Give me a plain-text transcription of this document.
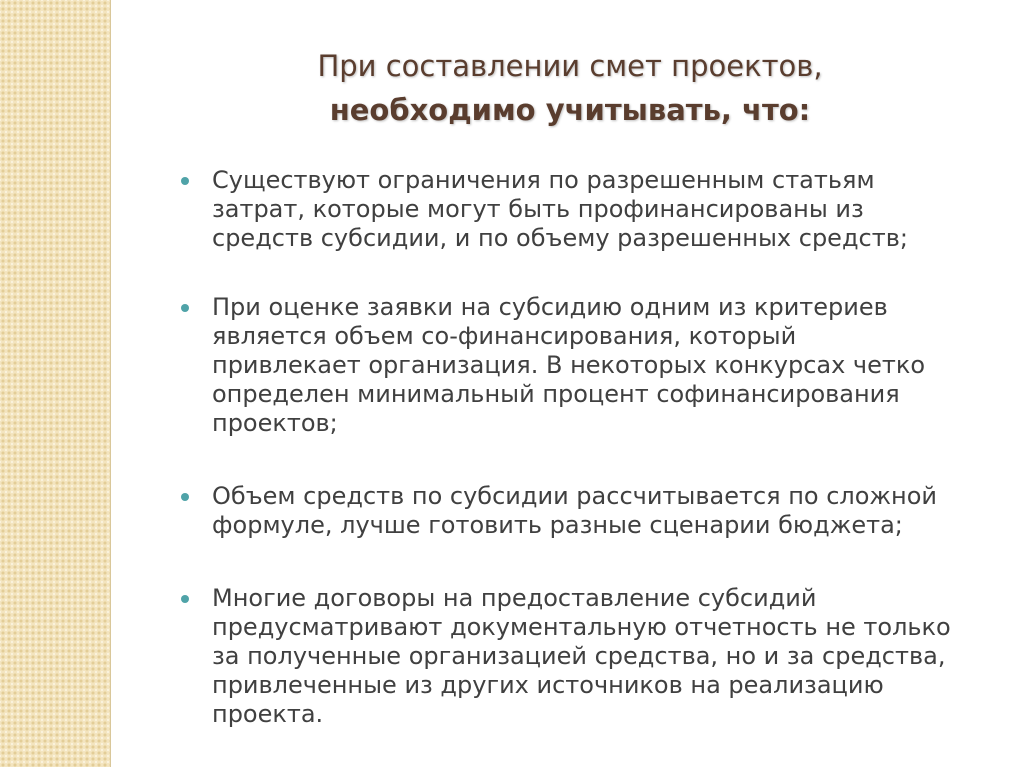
При составлении смет проектов,
необходимо учитывать, что:
Существуют ограничения по разрешенным статьям
затрат, которые могут быть профинансированы из
средств субсидии, и по объему разрешенных средств;
При оценке заявки на субсидию одним из критериев
является объем со-финансирования, который
привлекает организация. В некоторых конкурсах четко
определен минимальный процент софинансирования
проектов;
Объем средств по субсидии рассчитывается по сложной
формуле, лучше готовить разные сценарии бюджета;
Многие договоры на предоставление субсидий
предусматривают документальную отчетность не только
за полученные организацией средства, но и за средства,
привлеченные из других источников на реализацию
проекта.
